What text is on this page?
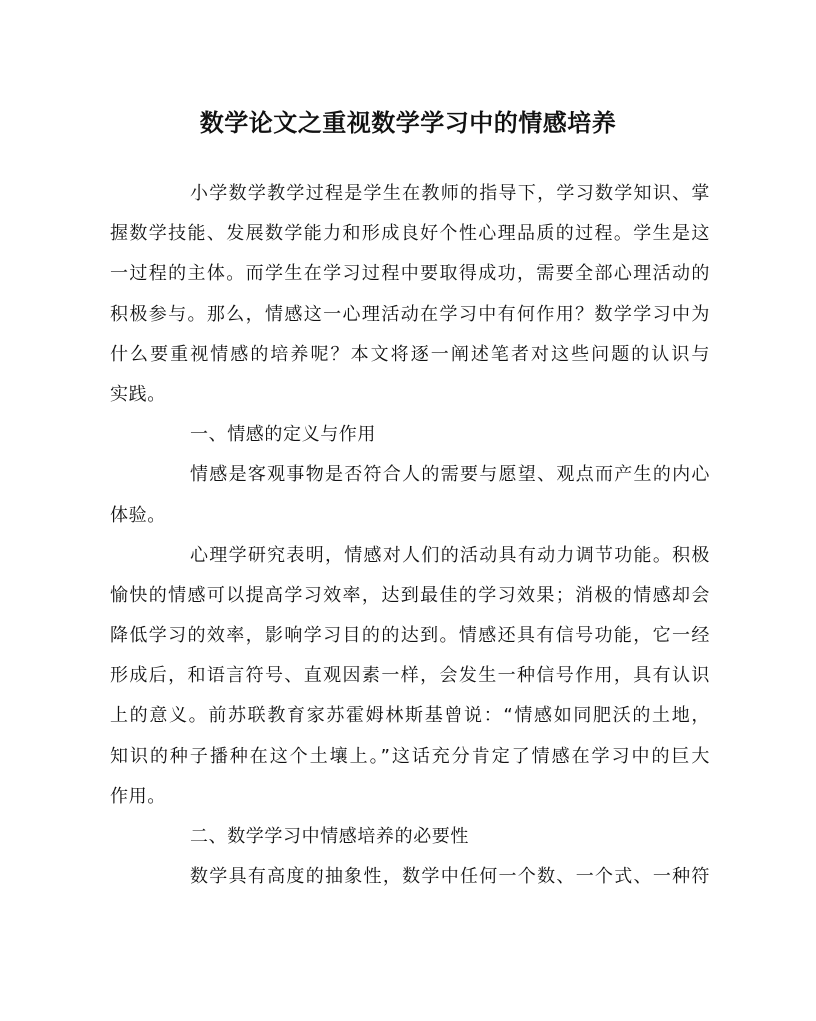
数学论文之重视数学学习中的情感培养
小学数学教学过程是学生在教师的指导下，学习数学知识、掌
握数学技能、发展数学能力和形成良好个性心理品质的过程。学生是这
一过程的主体。而学生在学习过程中要取得成功，需要全部心理活动的
积极参与。那么，情感这一心理活动在学习中有何作用？数学学习中为
什么要重视情感的培养呢？本文将逐一阐述笔者对这些问题的认识与
实践。
一、情感的定义与作用
情感是客观事物是否符合人的需要与愿望、观点而产生的内心
体验。
心理学研究表明，情感对人们的活动具有动力调节功能。积极
愉快的情感可以提高学习效率，达到最佳的学习效果；消极的情感却会
降低学习的效率，影响学习目的的达到。情感还具有信号功能，它一经
形成后，和语言符号、直观因素一样，会发生一种信号作用，具有认识
上的意义。前苏联教育家苏霍姆林斯基曾说：“情感如同肥沃的土地，
知识的种子播种在这个土壤上。”这话充分肯定了情感在学习中的巨大
作用。
二、数学学习中情感培养的必要性
数学具有高度的抽象性，数学中任何一个数、一个式、一种符
